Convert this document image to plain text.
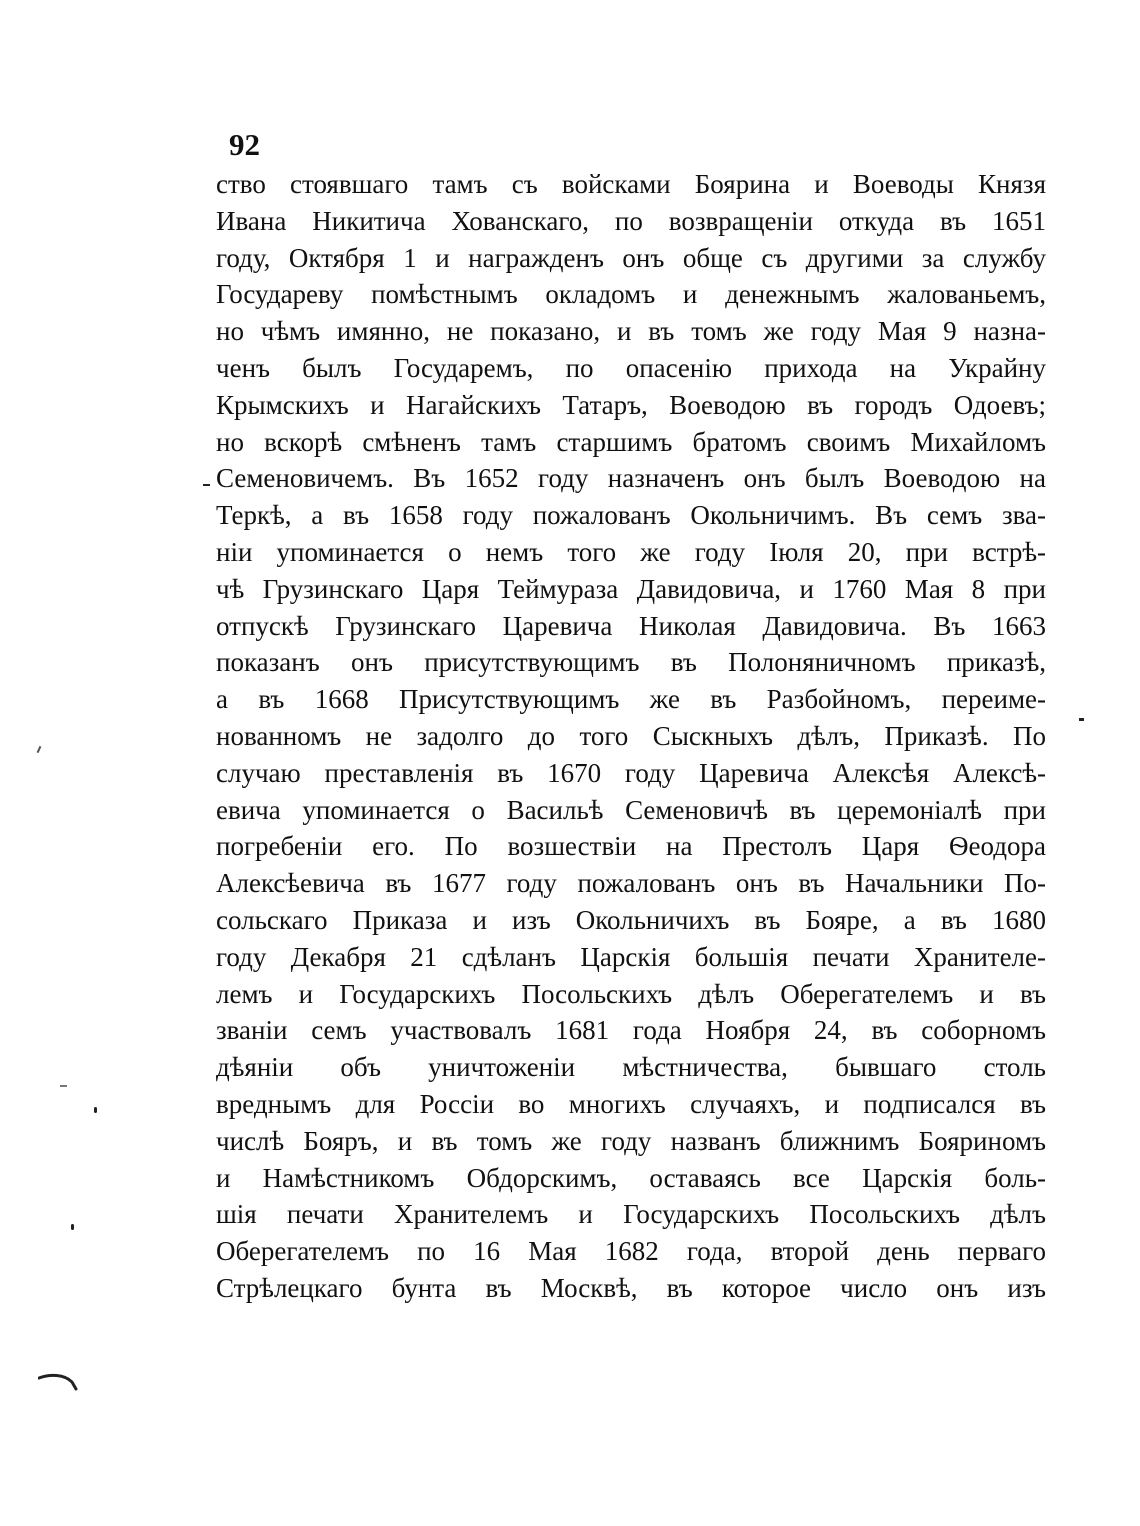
92
ство стоявшаго тамъ съ войсками Боярина и Воеводы Князя
Ивана Никитича Хованскаго, по возвращеніи откуда въ 1651
году, Октября 1 и награжденъ онъ обще съ другими за службу
Государеву помѣстнымъ окладомъ и денежнымъ жалованьемъ,
но чѣмъ имянно, не показано, и въ томъ же году Мая 9 назна-
ченъ былъ Государемъ, по опасенію прихода на Украйну
Крымскихъ и Нагайскихъ Татаръ, Воеводою въ городъ Одоевъ;
но вскорѣ смѣненъ тамъ старшимъ братомъ своимъ Михайломъ
Семеновичемъ. Въ 1652 году назначенъ онъ былъ Воеводою на
Теркѣ, а въ 1658 году пожалованъ Окольничимъ. Въ семъ зва-
ніи упоминается о немъ того же году Іюля 20, при встрѣ-
чѣ Грузинскаго Царя Теймураза Давидовича, и 1760 Мая 8 при
отпускѣ Грузинскаго Царевича Николая Давидовича. Въ 1663
показанъ онъ присутствующимъ въ Полоняничномъ приказѣ,
а въ 1668 Присутствующимъ же въ Разбойномъ, переиме-
нованномъ не задолго до того Сыскныхъ дѣлъ, Приказѣ. По
случаю преставленія въ 1670 году Царевича Алексѣя Алексѣ-
евича упоминается о Васильѣ Семеновичѣ въ церемоніалѣ при
погребеніи его. По возшествіи на Престолъ Царя Ѳеодора
Алексѣевича въ 1677 году пожалованъ онъ въ Начальники По-
сольскаго Приказа и изъ Окольничихъ въ Бояре, а въ 1680
году Декабря 21 сдѣланъ Царскія большія печати Хранителе-
лемъ и Государскихъ Посольскихъ дѣлъ Оберегателемъ и въ
званіи семъ участвовалъ 1681 года Ноября 24, въ соборномъ
дѣяніи объ уничтоженіи мѣстничества, бывшаго столь
вреднымъ для Россіи во многихъ случаяхъ, и подписался въ
числѣ Бояръ, и въ томъ же году названъ ближнимъ Бояриномъ
и Намѣстникомъ Обдорскимъ, оставаясь все Царскія боль-
шія печати Хранителемъ и Государскихъ Посольскихъ дѣлъ
Оберегателемъ по 16 Мая 1682 года, второй день перваго
Стрѣлецкаго бунта въ Москвѣ, въ которое число онъ изъ
